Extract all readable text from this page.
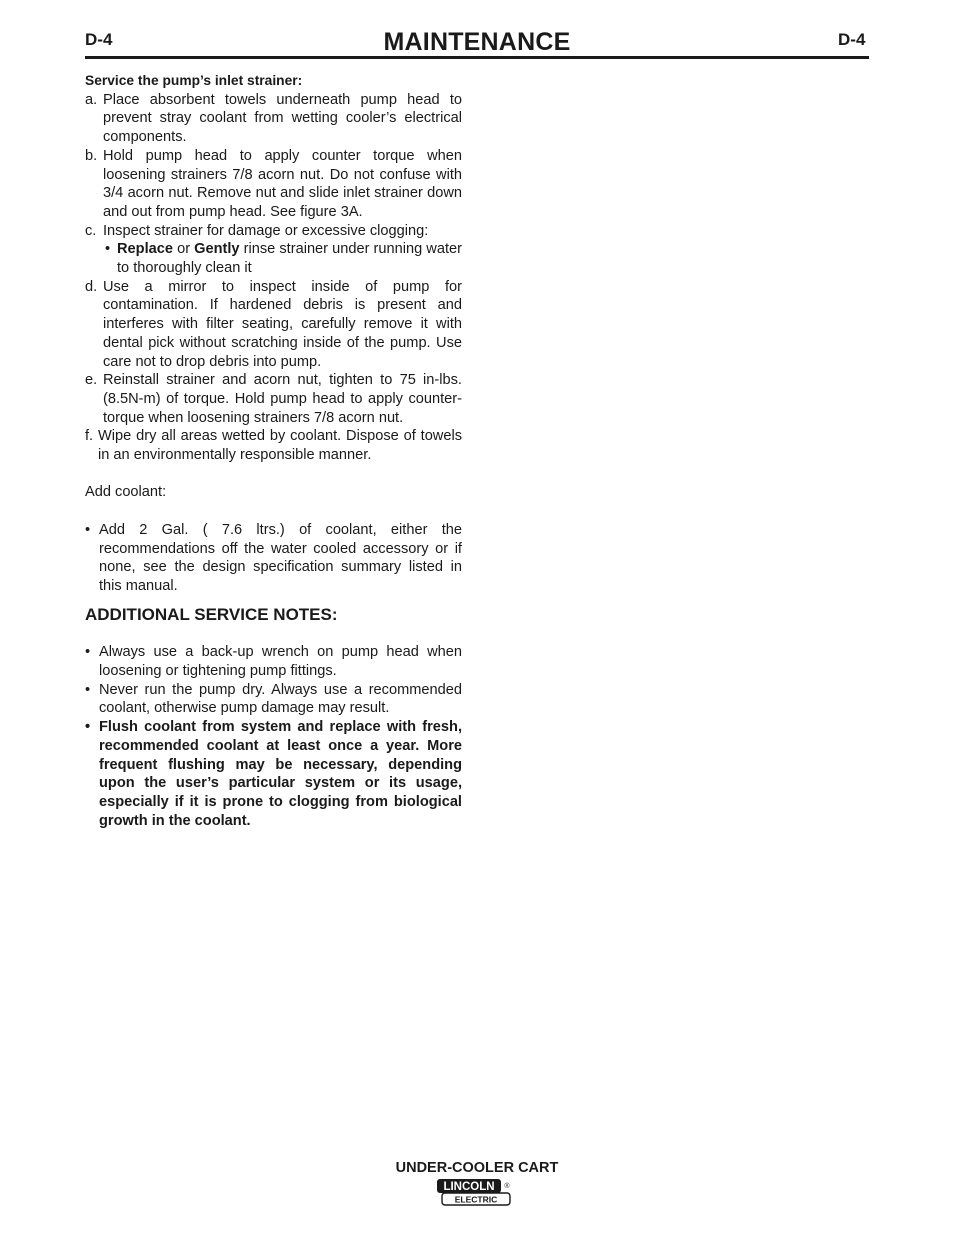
D-4	MAINTENANCE	D-4

Service the pump’s inlet strainer:

a. Place absorbent towels underneath pump head to prevent stray coolant from wetting cooler’s electrical components.
b. Hold pump head to apply counter torque when loosening strainers 7/8 acorn nut. Do not confuse with 3/4 acorn nut. Remove nut and slide inlet strainer down and out from pump head. See figure 3A.
c. Inspect strainer for damage or excessive clogging:
• Replace or Gently rinse strainer under running water to thoroughly clean it
d. Use a mirror to inspect inside of pump for contamination. If hardened debris is present and interferes with filter seating, carefully remove it with dental pick without scratching inside of the pump. Use care not to drop debris into pump.
e. Reinstall strainer and acorn nut, tighten to 75 in-lbs.(8.5N-m) of torque. Hold pump head to apply counter-torque when loosening strainers 7/8 acorn nut.
f. Wipe dry all areas wetted by coolant. Dispose of towels in an environmentally responsible manner.

Add coolant:

• Add 2 Gal. ( 7.6 ltrs.) of coolant, either the recommendations off the water cooled accessory or if none, see the design specification summary listed in this manual.
ADDITIONAL SERVICE NOTES:
• Always use a back-up wrench on pump head when loosening or tightening pump fittings.
• Never run the pump dry. Always use a recommended coolant, otherwise pump damage may result.
• Flush coolant from system and replace with fresh, recommended coolant at least once a year. More frequent flushing may be necessary, depending upon the user’s particular system or its usage, especially if it is prone to clogging from biological growth in the coolant.
UNDER-COOLER CART
LINCOLN
ELECTRIC
®
